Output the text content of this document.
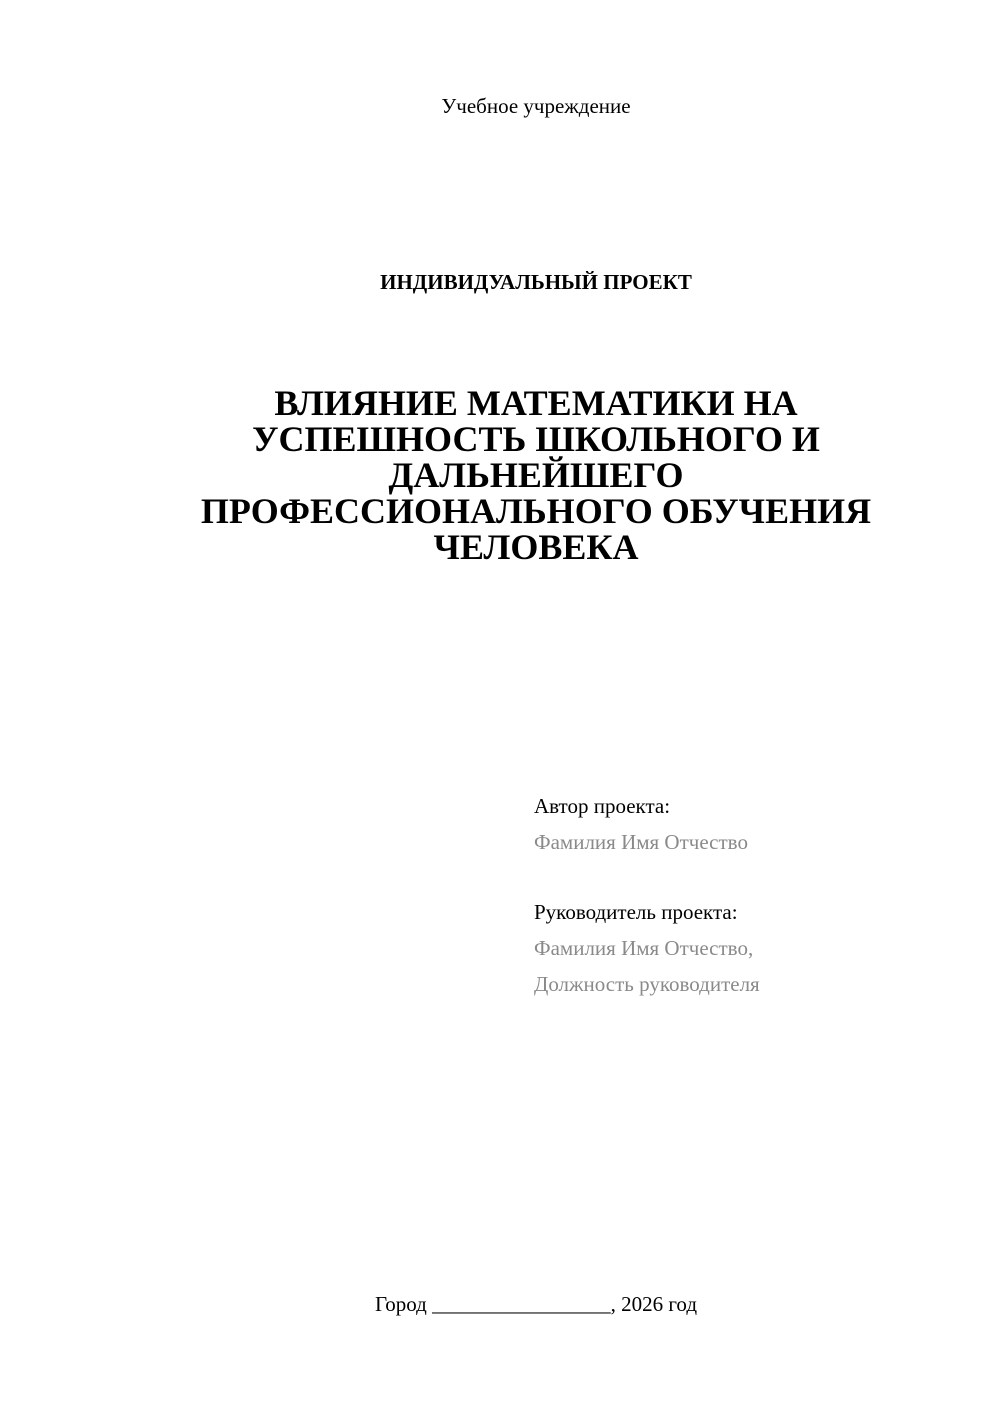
Учебное учреждение
ИНДИВИДУАЛЬНЫЙ ПРОЕКТ
ВЛИЯНИЕ МАТЕМАТИКИ НА
УСПЕШНОСТЬ ШКОЛЬНОГО И
ДАЛЬНЕЙШЕГО
ПРОФЕССИОНАЛЬНОГО ОБУЧЕНИЯ
ЧЕЛОВЕКА
Автор проекта:
Фамилия Имя Отчество
Руководитель проекта:
Фамилия Имя Отчество,
Должность руководителя
Город _________________, 2026 год
